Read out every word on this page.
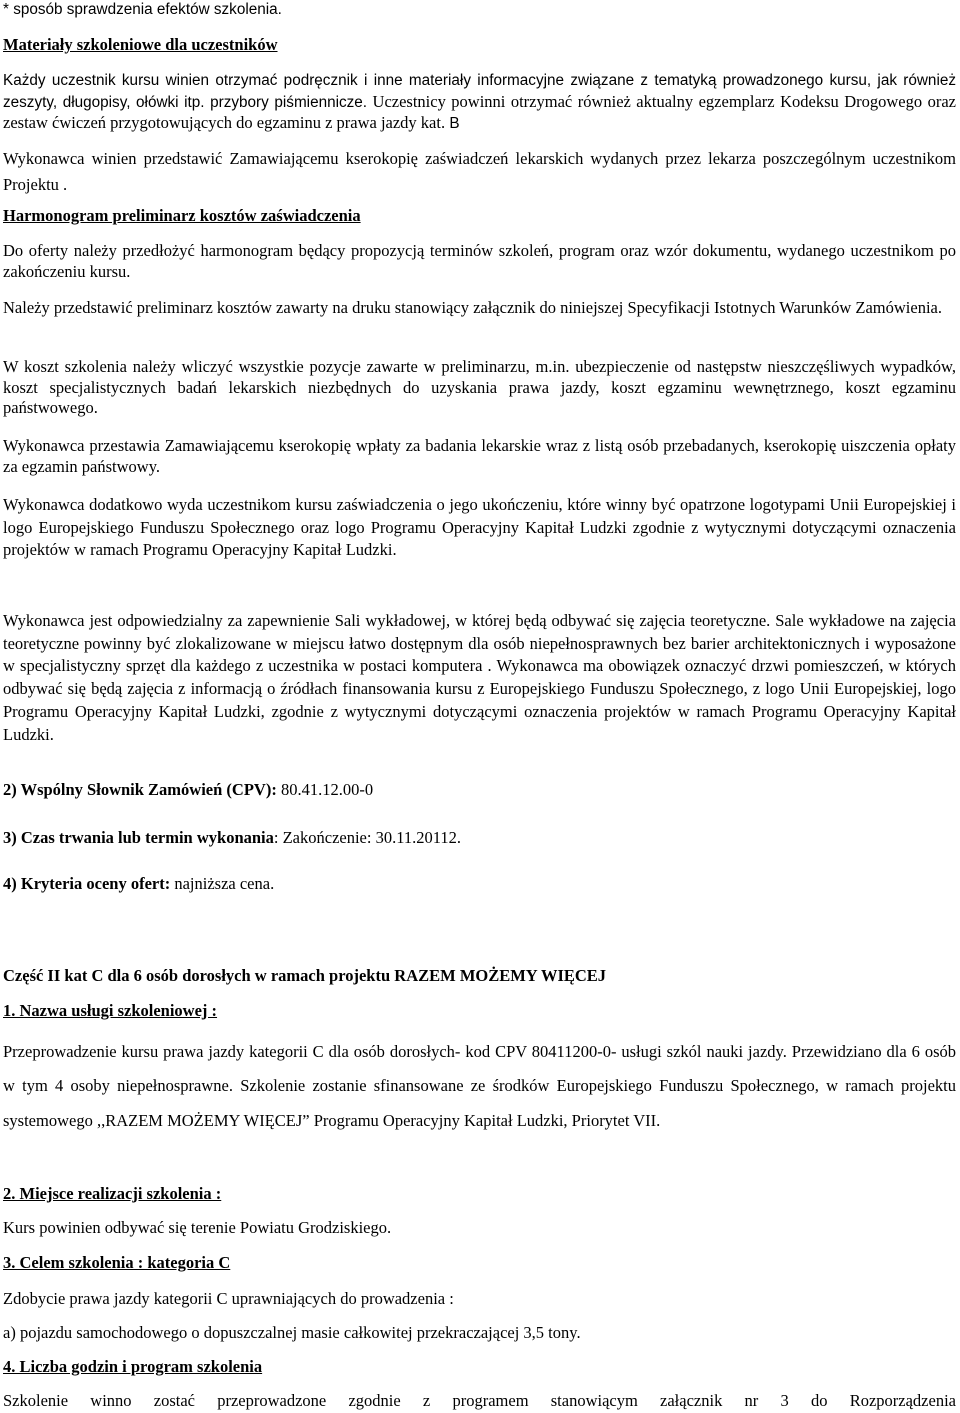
* sposób sprawdzenia efektów szkolenia.

Materiały szkoleniowe dla uczestników

Każdy uczestnik kursu winien otrzymać podręcznik i inne materiały informacyjne związane z tematyką prowadzonego kursu, jak również zeszyty, długopisy, ołówki itp. przybory piśmiennicze. Uczestnicy powinni otrzymać również aktualny egzemplarz Kodeksu Drogowego oraz zestaw ćwiczeń przygotowujących do egzaminu z prawa jazdy kat. B

Wykonawca winien przedstawić Zamawiającemu kserokopię zaświadczeń lekarskich wydanych przez lekarza poszczególnym uczestnikom Projektu .

Harmonogram preliminarz kosztów zaświadczenia

Do oferty należy przedłożyć harmonogram będący propozycją terminów szkoleń, program oraz wzór dokumentu, wydanego uczestnikom po zakończeniu kursu.

Należy przedstawić preliminarz kosztów zawarty na druku stanowiący załącznik do niniejszej Specyfikacji Istotnych Warunków Zamówienia.

W koszt szkolenia należy wliczyć wszystkie pozycje zawarte w preliminarzu, m.in. ubezpieczenie od następstw nieszczęśliwych wypadków, koszt specjalistycznych badań lekarskich niezbędnych do uzyskania prawa jazdy, koszt egzaminu wewnętrznego, koszt egzaminu państwowego.

Wykonawca przestawia Zamawiającemu kserokopię wpłaty za badania lekarskie wraz z listą osób przebadanych, kserokopię uiszczenia opłaty za egzamin państwowy.

Wykonawca dodatkowo wyda uczestnikom kursu zaświadczenia o jego ukończeniu, które winny być opatrzone logotypami Unii Europejskiej i logo Europejskiego Funduszu Społecznego oraz logo Programu Operacyjny Kapitał Ludzki zgodnie z wytycznymi dotyczącymi oznaczenia projektów w ramach Programu Operacyjny Kapitał Ludzki.

Wykonawca jest odpowiedzialny za zapewnienie Sali wykładowej, w której będą odbywać się zajęcia teoretyczne. Sale wykładowe na zajęcia teoretyczne powinny być zlokalizowane w miejscu łatwo dostępnym dla osób niepełnosprawnych bez barier architektonicznych i wyposażone w specjalistyczny sprzęt dla każdego z uczestnika w postaci komputera . Wykonawca ma obowiązek oznaczyć drzwi pomieszczeń, w których odbywać się będą zajęcia z informacją o źródłach finansowania kursu z Europejskiego Funduszu Społecznego, z logo Unii Europejskiej, logo Programu Operacyjny Kapitał Ludzki, zgodnie z wytycznymi dotyczącymi oznaczenia projektów w ramach Programu Operacyjny Kapitał Ludzki.

2) Wspólny Słownik Zamówień (CPV): 80.41.12.00-0

3) Czas trwania lub termin wykonania: Zakończenie: 30.11.20112.

4) Kryteria oceny ofert: najniższa cena.

Część II kat C dla 6 osób dorosłych w ramach projektu RAZEM MOŻEMY WIĘCEJ

1. Nazwa usługi szkoleniowej :

Przeprowadzenie kursu prawa jazdy kategorii C dla osób dorosłych- kod CPV 80411200-0- usługi szkól nauki jazdy. Przewidziano dla 6 osób w tym 4 osoby niepełnosprawne. Szkolenie zostanie sfinansowane ze środków Europejskiego Funduszu Społecznego, w ramach projektu systemowego ,,RAZEM MOŻEMY WIĘCEJ” Programu Operacyjny Kapitał Ludzki, Priorytet VII.

2. Miejsce realizacji szkolenia :

Kurs powinien odbywać się terenie Powiatu Grodziskiego.

3. Celem szkolenia : kategoria C

Zdobycie prawa jazdy kategorii C uprawniających do prowadzenia :

a) pojazdu samochodowego o dopuszczalnej masie całkowitej przekraczającej 3,5 tony.

4. Liczba godzin i program szkolenia

Szkolenie winno zostać przeprowadzone zgodnie z programem stanowiącym załącznik nr 3 do Rozporządzenia
